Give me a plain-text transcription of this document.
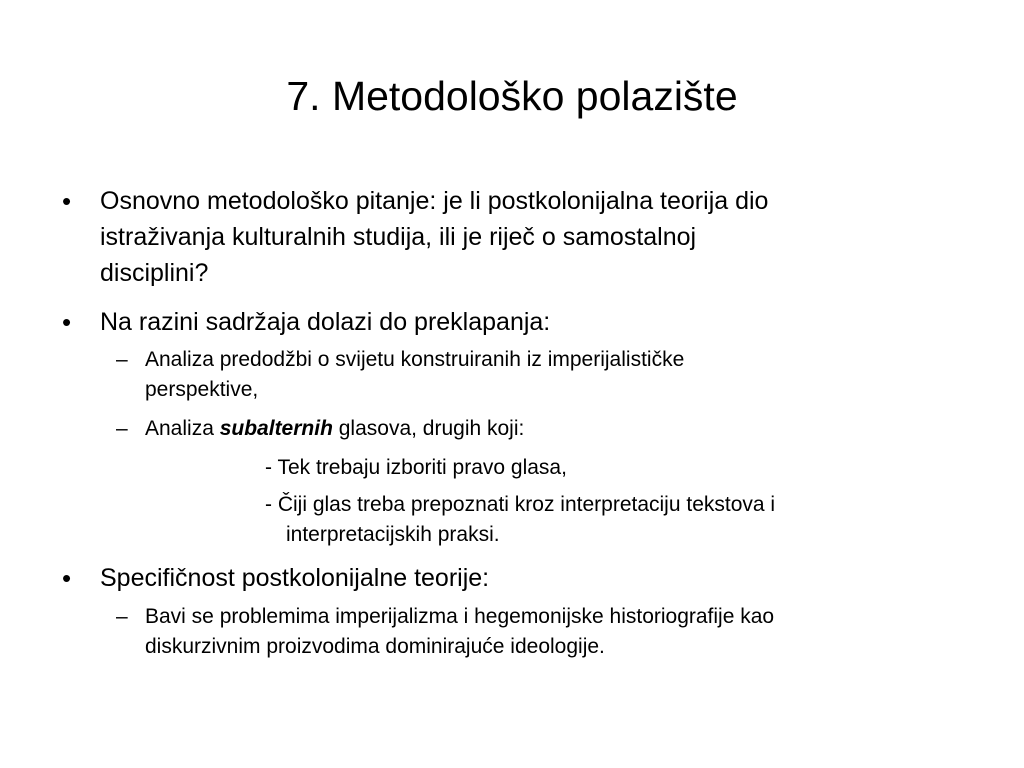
7. Metodološko polazište
• Osnovno metodološko pitanje: je li postkolonijalna teorija dio
istraživanja kulturalnih studija, ili je riječ o samostalnoj
disciplini?
• Na razini sadržaja dolazi do preklapanja:
– Analiza predodžbi o svijetu konstruiranih iz imperijalističke
perspektive,
– Analiza subalternih glasova, drugih koji:
- Tek trebaju izboriti pravo glasa,
- Čiji glas treba prepoznati kroz interpretaciju tekstova i
interpretacijskih praksi.
• Specifičnost postkolonijalne teorije:
– Bavi se problemima imperijalizma i hegemonijske historiografije kao
diskurzivnim proizvodima dominirajuće ideologije.
